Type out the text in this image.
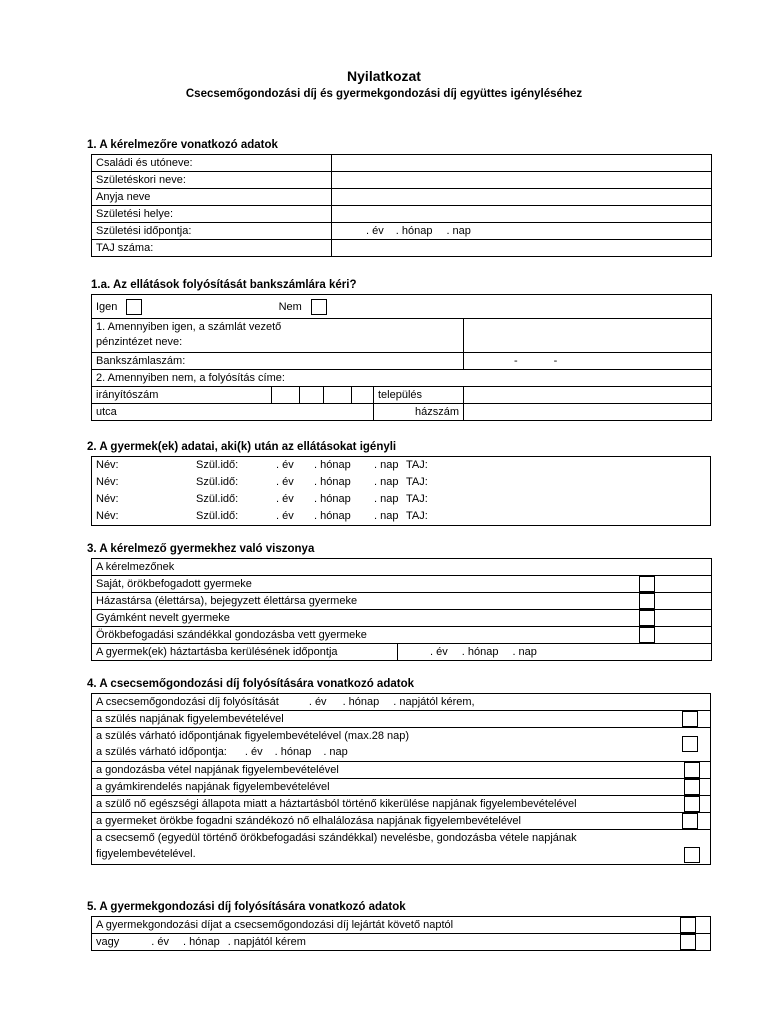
Nyilatkozat
Csecsemőgondozási díj és gyermekgondozási díj együttes igényléséhez
1. A kérelmezőre vonatkozó adatok
Családi és utóneve:	
Születéskori neve:	
Anyja neve	
Születési helye:	
Születési időpontja:	. év . hónap . nap
TAJ száma:	
1.a. Az ellátások folyósítását bankszámlára kéri?
Igen Nem						
1. Amennyiben igen, a számlát vezető
pénzintézet neve:						
Bankszámlaszám:						- -
2. Amennyiben nem, a folyósítás címe:						
irányítószám					település	
utca					házszám	
2. A gyermek(ek) adatai, aki(k) után az ellátásokat igényli
Név:	Szül.idő:	. év . hónap . nap TAJ:
Név:	Szül.idő:	. év . hónap . nap TAJ:
Név:	Szül.idő:	. év . hónap . nap TAJ:
Név:	Szül.idő:	. év . hónap . nap TAJ:
3. A kérelmező gyermekhez való viszonya
A kérelmezőnek
Saját, örökbefogadott gyermeke

Házastársa (élettársa), bejegyzett élettársa gyermeke

Gyámként nevelt gyermeke

Örökbefogadási szándékkal gondozásba vett gyermeke

A gyermek(ek) háztartásba kerülésének időpontja	. év . hónap . nap
4. A csecsemőgondozási díj folyósítására vonatkozó adatok
A csecsemőgondozási díj folyósítását	. év . hónap . napjától kérem,
a szülés napjának figyelembevételével

a szülés várható időpontjának figyelembevételével (max.28 nap)
a szülés várható időpontja: . év . hónap . nap

a gondozásba vétel napjának figyelembevételével

a gyámkirendelés napjának figyelembevételével

a szülő nő egészségi állapota miatt a háztartásból történő kikerülése napjának figyelembevételével

a gyermeket örökbe fogadni szándékozó nő elhalálozása napjának figyelembevételével

a csecsemő (egyedül történő örökbefogadási szándékkal) nevelésbe, gondozásba vétele napjának
figyelembevételével.
5. A gyermekgondozási díj folyósítására vonatkozó adatok
A gyermekgondozási díjat a csecsemőgondozási díj lejártát követő naptól

vagy	. év . hónap . napjától kérem
